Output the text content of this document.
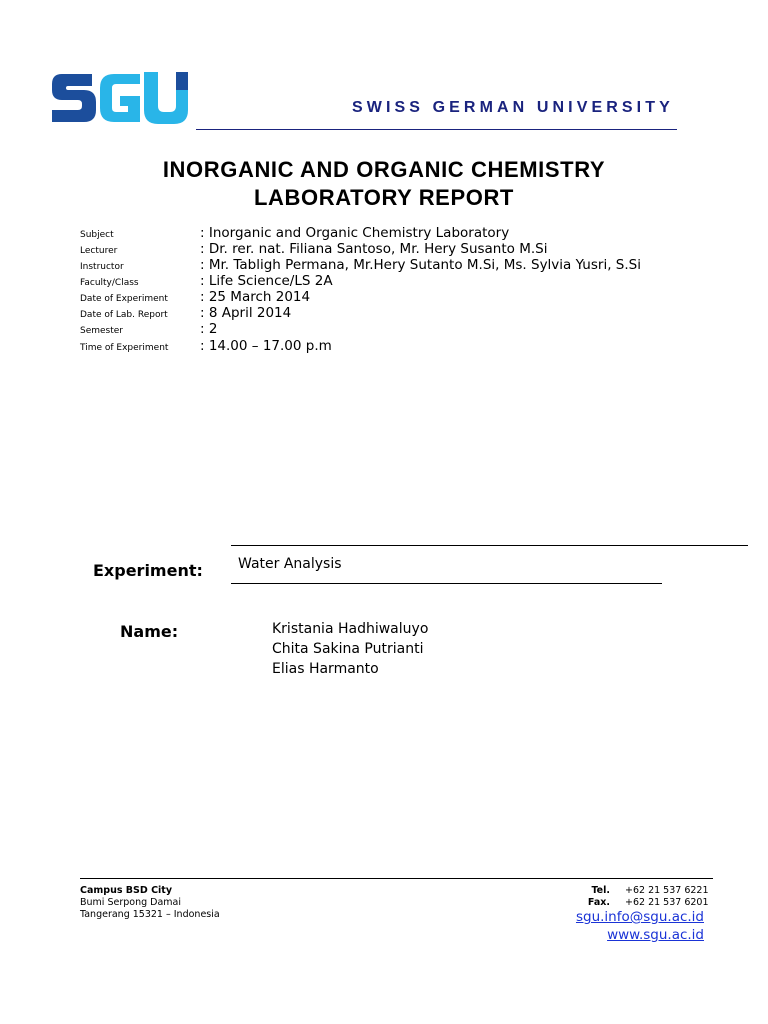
SWISS GERMAN UNIVERSITY
INORGANIC AND ORGANIC CHEMISTRY
LABORATORY REPORT
Subject	: Inorganic and Organic Chemistry Laboratory
Lecturer	: Dr. rer. nat. Filiana Santoso, Mr. Hery Susanto M.Si
Instructor	: Mr. Tabligh Permana, Mr.Hery Sutanto M.Si, Ms. Sylvia Yusri, S.Si
Faculty/Class	: Life Science/LS 2A
Date of Experiment : 25 March 2014
Date of Lab. Report : 8 April 2014
Semester	: 2
Time of Experiment : 14.00 – 17.00 p.m
Experiment:	Water Analysis
Name:	Kristania Hadhiwaluyo
Chita Sakina Putrianti
Elias Harmanto
Campus BSD City
Bumi Serpong Damai
Tangerang 15321 – Indonesia
Tel. +62 21 537 6221
Fax. +62 21 537 6201
sgu.info@sgu.ac.id
www.sgu.ac.id
